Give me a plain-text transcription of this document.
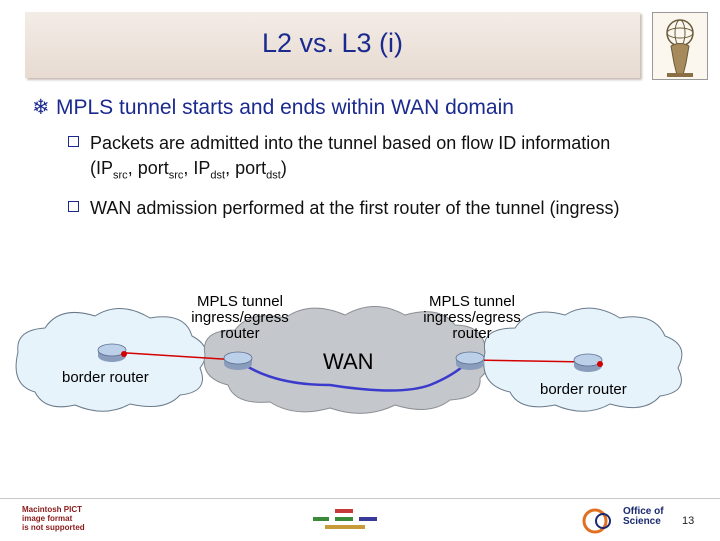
L2 vs. L3 (i)
❄ MPLS tunnel starts and ends within WAN domain
Packets are admitted into the tunnel based on flow ID information
($IP_{src}$, port$_{src}$, $IP_{dst}$, port$_{dst}$)
WAN admission performed at the first router of the tunnel (ingress)
MPLS tunnel
ingress/egress
router
MPLS tunnel
ingress/egress
router
WAN
border router
border router
Macintosh PICT
image format
is not supported
Office of
Science 13
